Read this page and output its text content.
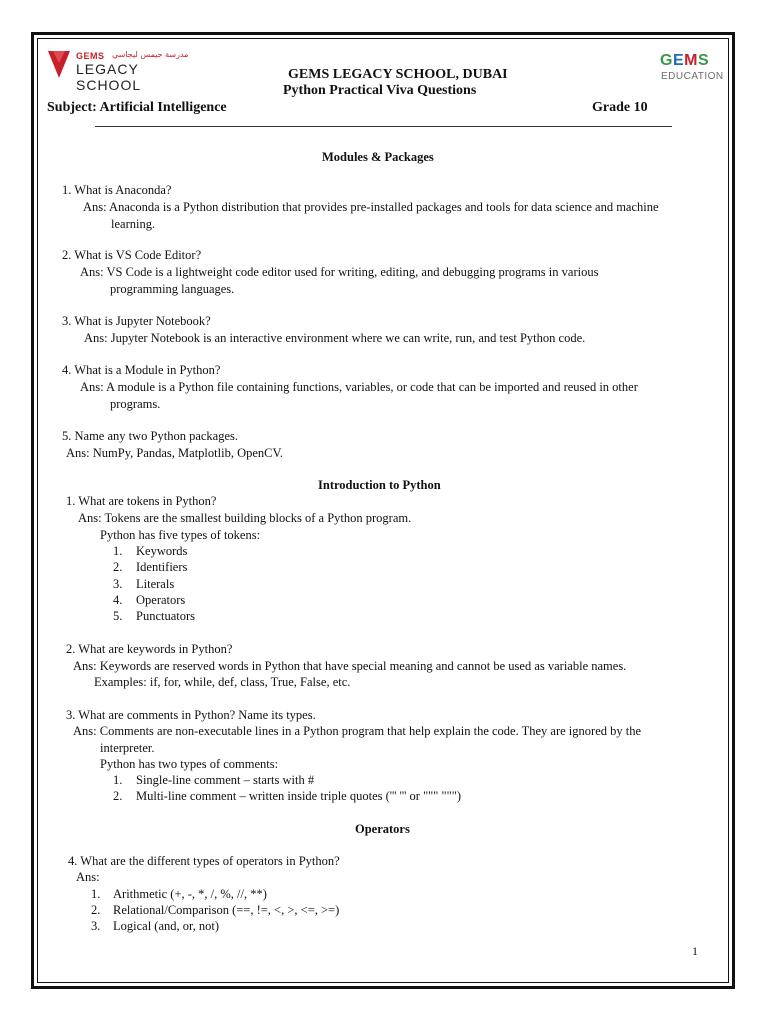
GEMS مدرسة جيمس ليجاسي
LEGACY SCHOOL
GEMS
EDUCATION
GEMS LEGACY SCHOOL, DUBAI
Python Practical Viva Questions
Subject: Artificial Intelligence	Grade 10
Modules & Packages
1. What is Anaconda?
Ans: Anaconda is a Python distribution that provides pre-installed packages and tools for data science and machine
learning.
2. What is VS Code Editor?
Ans: VS Code is a lightweight code editor used for writing, editing, and debugging programs in various
programming languages.
3. What is Jupyter Notebook?
Ans: Jupyter Notebook is an interactive environment where we can write, run, and test Python code.
4. What is a Module in Python?
Ans: A module is a Python file containing functions, variables, or code that can be imported and reused in other
programs.
5. Name any two Python packages.
Ans: NumPy, Pandas, Matplotlib, OpenCV.
Introduction to Python
1. What are tokens in Python?
Ans: Tokens are the smallest building blocks of a Python program.
Python has five types of tokens:
1. Keywords
2. Identifiers
3. Literals
4. Operators
5. Punctuators
2. What are keywords in Python?
Ans: Keywords are reserved words in Python that have special meaning and cannot be used as variable names.
Examples: if, for, while, def, class, True, False, etc.
3. What are comments in Python? Name its types.
Ans: Comments are non-executable lines in a Python program that help explain the code. They are ignored by the
interpreter.
Python has two types of comments:
1. Single-line comment – starts with #
2. Multi-line comment – written inside triple quotes (''' ''' or """ """)
Operators
4. What are the different types of operators in Python?
Ans:
1. Arithmetic (+, -, *, /, %, //, **)
2. Relational/Comparison (==, !=, <, >, <=, >=)
3. Logical (and, or, not)
1
